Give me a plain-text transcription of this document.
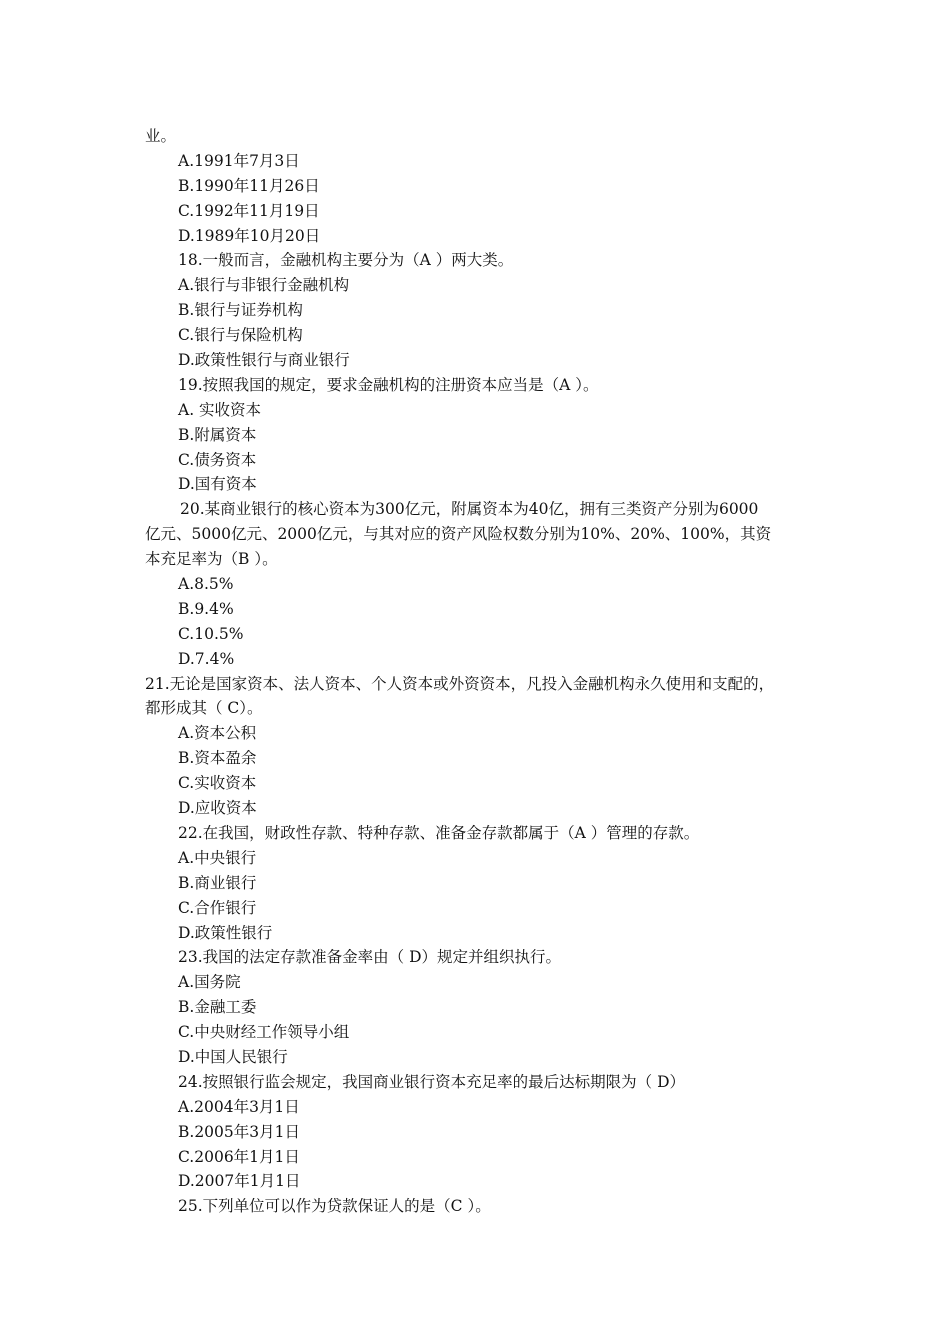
业。
A.1991年7月3日
B.1990年11月26日
C.1992年11月19日
D.1989年10月20日
18.一般而言，金融机构主要分为（A ）两大类。
A.银行与非银行金融机构
B.银行与证券机构
C.银行与保险机构
D.政策性银行与商业银行
19.按照我国的规定，要求金融机构的注册资本应当是（A ）。
A. 实收资本
B.附属资本
C.债务资本
D.国有资本
20.某商业银行的核心资本为300亿元，附属资本为40亿，拥有三类资产分别为6000
亿元、5000亿元、2000亿元，与其对应的资产风险权数分别为10%、20%、100%，其资
本充足率为（B ）。
A.8.5%
B.9.4%
C.10.5%
D.7.4%
21.无论是国家资本、法人资本、个人资本或外资资本，凡投入金融机构永久使用和支配的，
都形成其（ C）。
A.资本公积
B.资本盈余
C.实收资本
D.应收资本
22.在我国，财政性存款、特种存款、准备金存款都属于（A ）管理的存款。
A.中央银行
B.商业银行
C.合作银行
D.政策性银行
23.我国的法定存款准备金率由（ D）规定并组织执行。
A.国务院
B.金融工委
C.中央财经工作领导小组
D.中国人民银行
24.按照银行监会规定，我国商业银行资本充足率的最后达标期限为（ D）
A.2004年3月1日
B.2005年3月1日
C.2006年1月1日
D.2007年1月1日
25.下列单位可以作为贷款保证人的是（C ）。
